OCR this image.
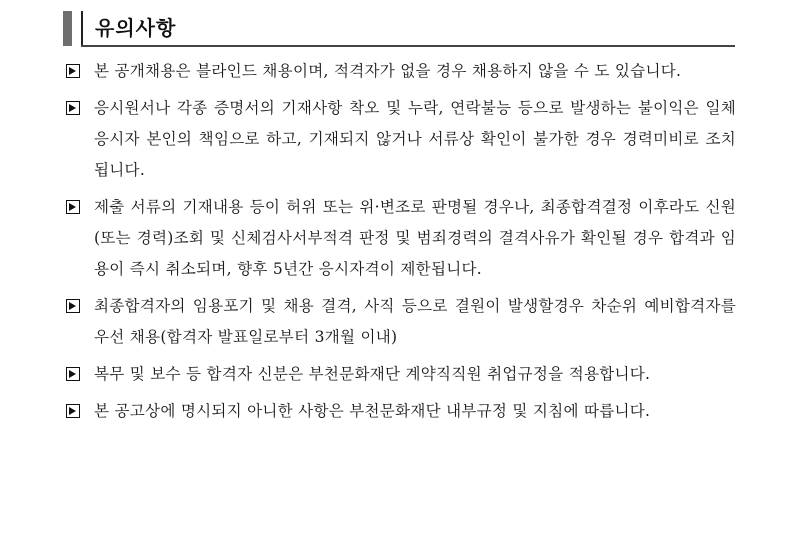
유의사항
본 공개채용은 블라인드 채용이며, 적격자가 없을 경우 채용하지 않을 수 도 있습니다.
응시원서나 각종 증명서의 기재사항 착오 및 누락, 연락불능 등으로 발생하는 불이익은 일체 응시자 본인의 책임으로 하고, 기재되지 않거나 서류상 확인이 불가한 경우 경력미비로 조치됩니다.
제출 서류의 기재내용 등이 허위 또는 위·변조로 판명될 경우나, 최종합격결정 이후라도 신원(또는 경력)조회 및 신체검사서부적격 판정 및 범죄경력의 결격사유가 확인될 경우 합격과 임용이 즉시 취소되며, 향후 5년간 응시자격이 제한됩니다.
최종합격자의 임용포기 및 채용 결격, 사직 등으로 결원이 발생할경우 차순위 예비합격자를 우선 채용(합격자 발표일로부터 3개월 이내)
복무 및 보수 등 합격자 신분은 부천문화재단 계약직직원 취업규정을 적용합니다.
본 공고상에 명시되지 아니한 사항은 부천문화재단 내부규정 및 지침에 따릅니다.
